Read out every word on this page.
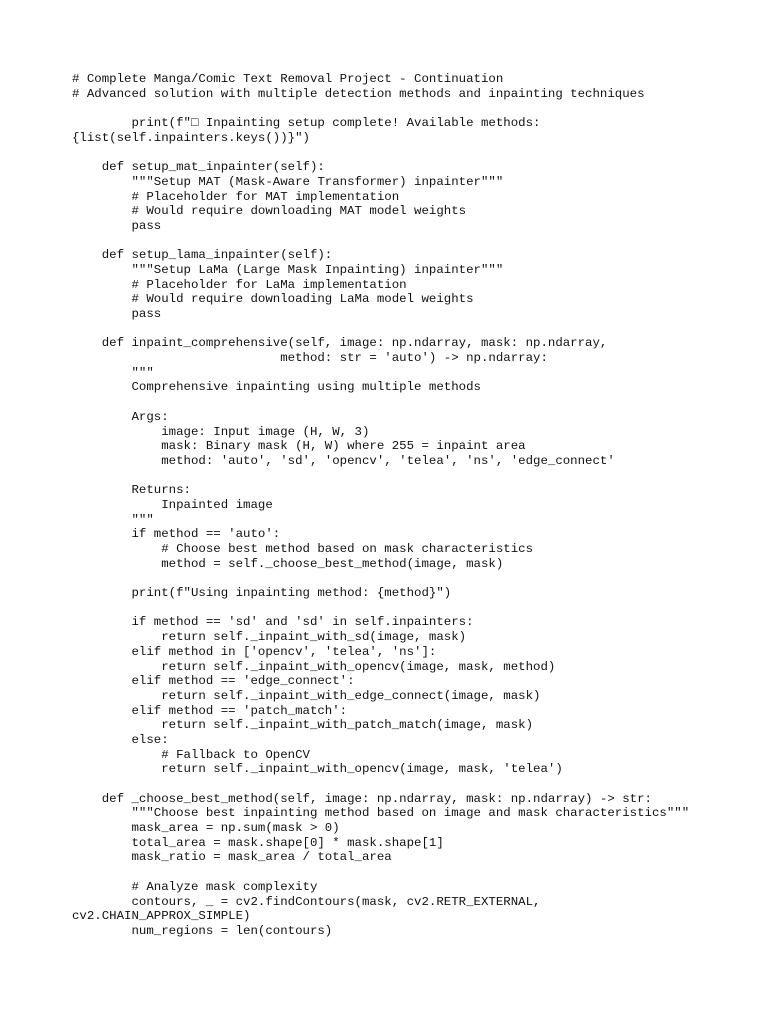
# Complete Manga/Comic Text Removal Project - Continuation
# Advanced solution with multiple detection methods and inpainting techniques
print(f"□ Inpainting setup complete! Available methods:
{list(self.inpainters.keys())}")
def setup_mat_inpainter(self):
"""Setup MAT (Mask-Aware Transformer) inpainter"""
# Placeholder for MAT implementation
# Would require downloading MAT model weights
pass
def setup_lama_inpainter(self):
"""Setup LaMa (Large Mask Inpainting) inpainter"""
# Placeholder for LaMa implementation
# Would require downloading LaMa model weights
pass
def inpaint_comprehensive(self, image: np.ndarray, mask: np.ndarray,
method: str = 'auto') -> np.ndarray:
"""
Comprehensive inpainting using multiple methods
Args:
image: Input image (H, W, 3)
mask: Binary mask (H, W) where 255 = inpaint area
method: 'auto', 'sd', 'opencv', 'telea', 'ns', 'edge_connect'
Returns:
Inpainted image
"""
if method == 'auto':
# Choose best method based on mask characteristics
method = self._choose_best_method(image, mask)
print(f"Using inpainting method: {method}")
if method == 'sd' and 'sd' in self.inpainters:
return self._inpaint_with_sd(image, mask)
elif method in ['opencv', 'telea', 'ns']:
return self._inpaint_with_opencv(image, mask, method)
elif method == 'edge_connect':
return self._inpaint_with_edge_connect(image, mask)
elif method == 'patch_match':
return self._inpaint_with_patch_match(image, mask)
else:
# Fallback to OpenCV
return self._inpaint_with_opencv(image, mask, 'telea')
def _choose_best_method(self, image: np.ndarray, mask: np.ndarray) -> str:
"""Choose best inpainting method based on image and mask characteristics"""
mask_area = np.sum(mask > 0)
total_area = mask.shape[0] * mask.shape[1]
mask_ratio = mask_area / total_area
# Analyze mask complexity
contours, _ = cv2.findContours(mask, cv2.RETR_EXTERNAL,
cv2.CHAIN_APPROX_SIMPLE)
num_regions = len(contours)
